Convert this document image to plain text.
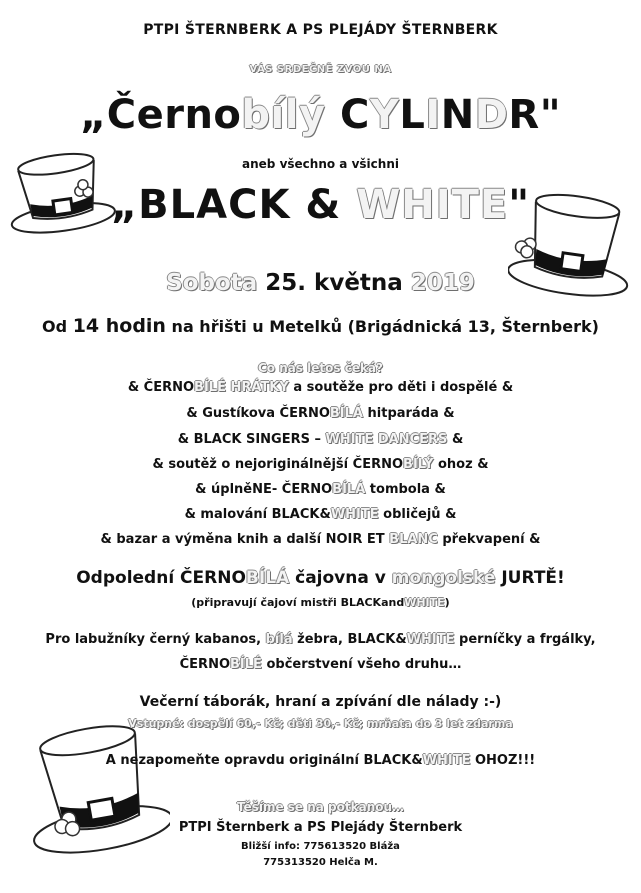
PTPI ŠTERNBERK A PS PLEJÁDY ŠTERNBERK
VÁS SRDEČNĚ ZVOU NA
„Černobílý CYLINDR"
aneb všechno a všichni
„BLACK & WHITE"
Sobota 25. května 2019
Od 14 hodin na hřišti u Metelků (Brigádnická 13, Šternberk)
Co nás letos čeká?
& ČERNOBÍLÉ HRÁTKY a soutěže pro děti i dospělé &
& Gustíkova ČERNOBÍLÁ hitparáda &
& BLACK SINGERS – WHITE DANCERS &
& soutěž o nejoriginálnější ČERNOBÍLÝ ohoz &
& úplněNE- ČERNOBÍLÁ tombola &
& malování BLACK&WHITE obličejů &
& bazar a výměna knih a další NOIR ET BLANC překvapení &
Odpolední ČERNOBÍLÁ čajovna v mongolské JURTĚ!
(připravují čajoví mistři BLACKandWHITE)
Pro labužníky černý kabanos, bílá žebra, BLACK&WHITE perníčky a frgálky,
ČERNOBÍLÉ občerstvení všeho druhu…
Večerní táborák, hraní a zpívání dle nálady :-)
Vstupné: dospělí 60,- Kč; děti 30,- Kč; mrňata do 3 let zdarma
A nezapomeňte opravdu originální BLACK&WHITE OHOZ!!!
Těšíme se na potkanou…
PTPI Šternberk a PS Plejády Šternberk
Bližší info: 775613520 Bláža
775313520 Helča M.
